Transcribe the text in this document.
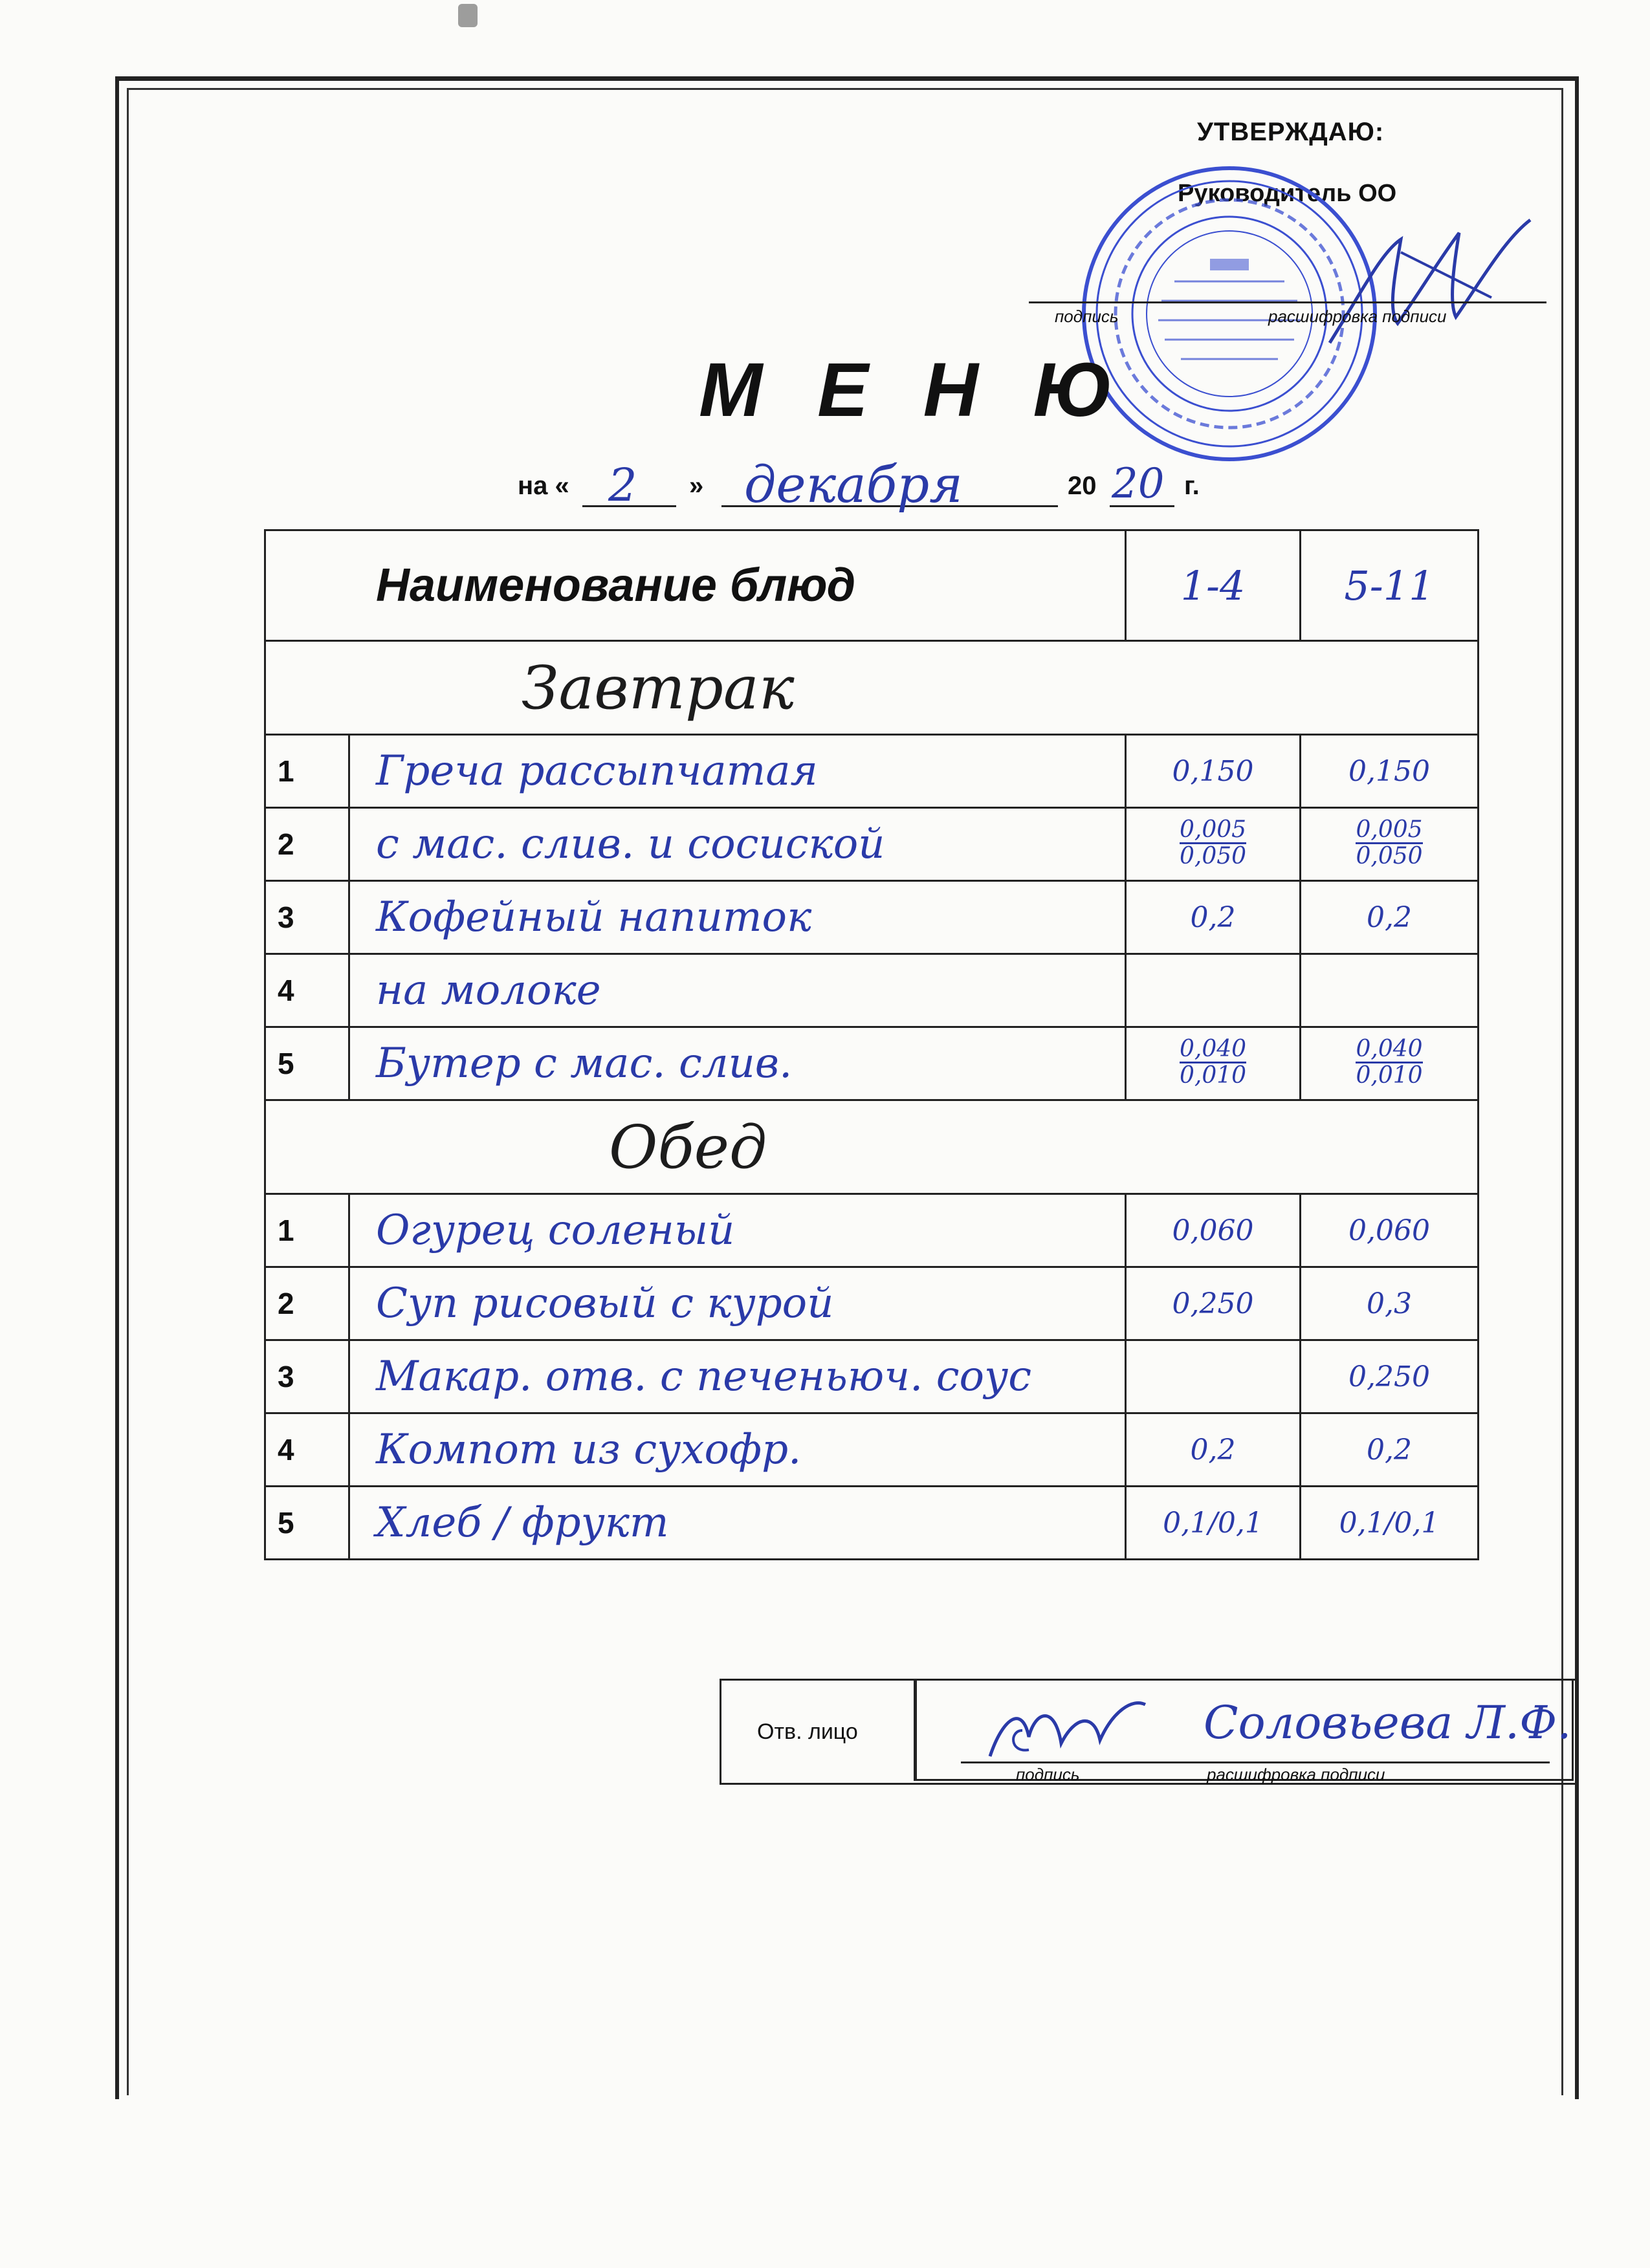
УТВЕРЖДАЮ:
Руководитель ОО
подпись	расшифровка подписи
М Е Н Ю
на « 2 » декабря	20 20 г.
Наименование блюд		1-4	5-11
Завтрак			
1	Греча рассыпчатая	0,150	0,150
2	с мас. слив. и сосиской	$\frac{0,005}{0,050}$	$\frac{0,005}{0,050}$
3	Кофейный напиток	0,2	0,2
4	на молоке		
5	Бутер с мас. слив.	$\frac{0,040}{0,010}$	$\frac{0,040}{0,010}$
Обед			
1	Огурец соленый	0,060	0,060
2	Суп рисовый с курой	0,250	0,3
3	Макар. отв. с печеньюч. соус		0,250
4	Компот из сухофр.	0,2	0,2
5	Хлеб / фрукт	0,1/0,1	0,1/0,1
Отв. лицо	Соловьева Л.Ф.
подпись	расшифровка подписи
